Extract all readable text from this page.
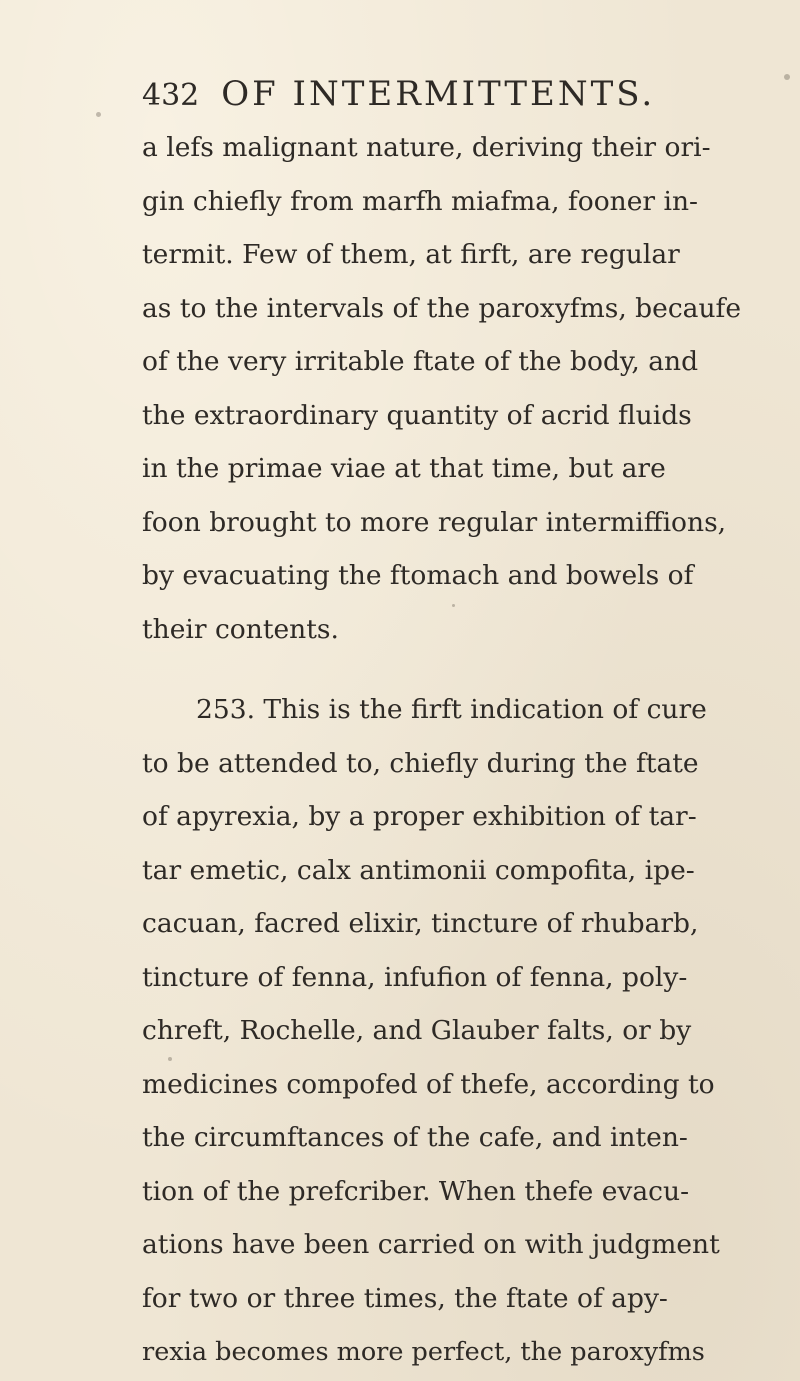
432 OF INTERMITTENTS.
a lefs malignant nature, deriving their ori-
gin chiefly from marfh miafma, fooner in-
termit. Few of them, at firft, are regular
as to the intervals of the paroxyfms, becaufe
of the very irritable ftate of the body, and
the extraordinary quantity of acrid fluids
in the primae viae at that time, but are
foon brought to more regular intermiffions,
by evacuating the ftomach and bowels of
their contents.
253. This is the firft indication of cure
to be attended to, chiefly during the ftate
of apyrexia, by a proper exhibition of tar-
tar emetic, calx antimonii compofita, ipe-
cacuan, facred elixir, tincture of rhubarb,
tincture of fenna, infufion of fenna, poly-
chreft, Rochelle, and Glauber falts, or by
medicines compofed of thefe, according to
the circumftances of the cafe, and inten-
tion of the prefcriber. When thefe evacu-
ations have been carried on with judgment
for two or three times, the ftate of apy-
rexia becomes more perfect, the paroxyfms
